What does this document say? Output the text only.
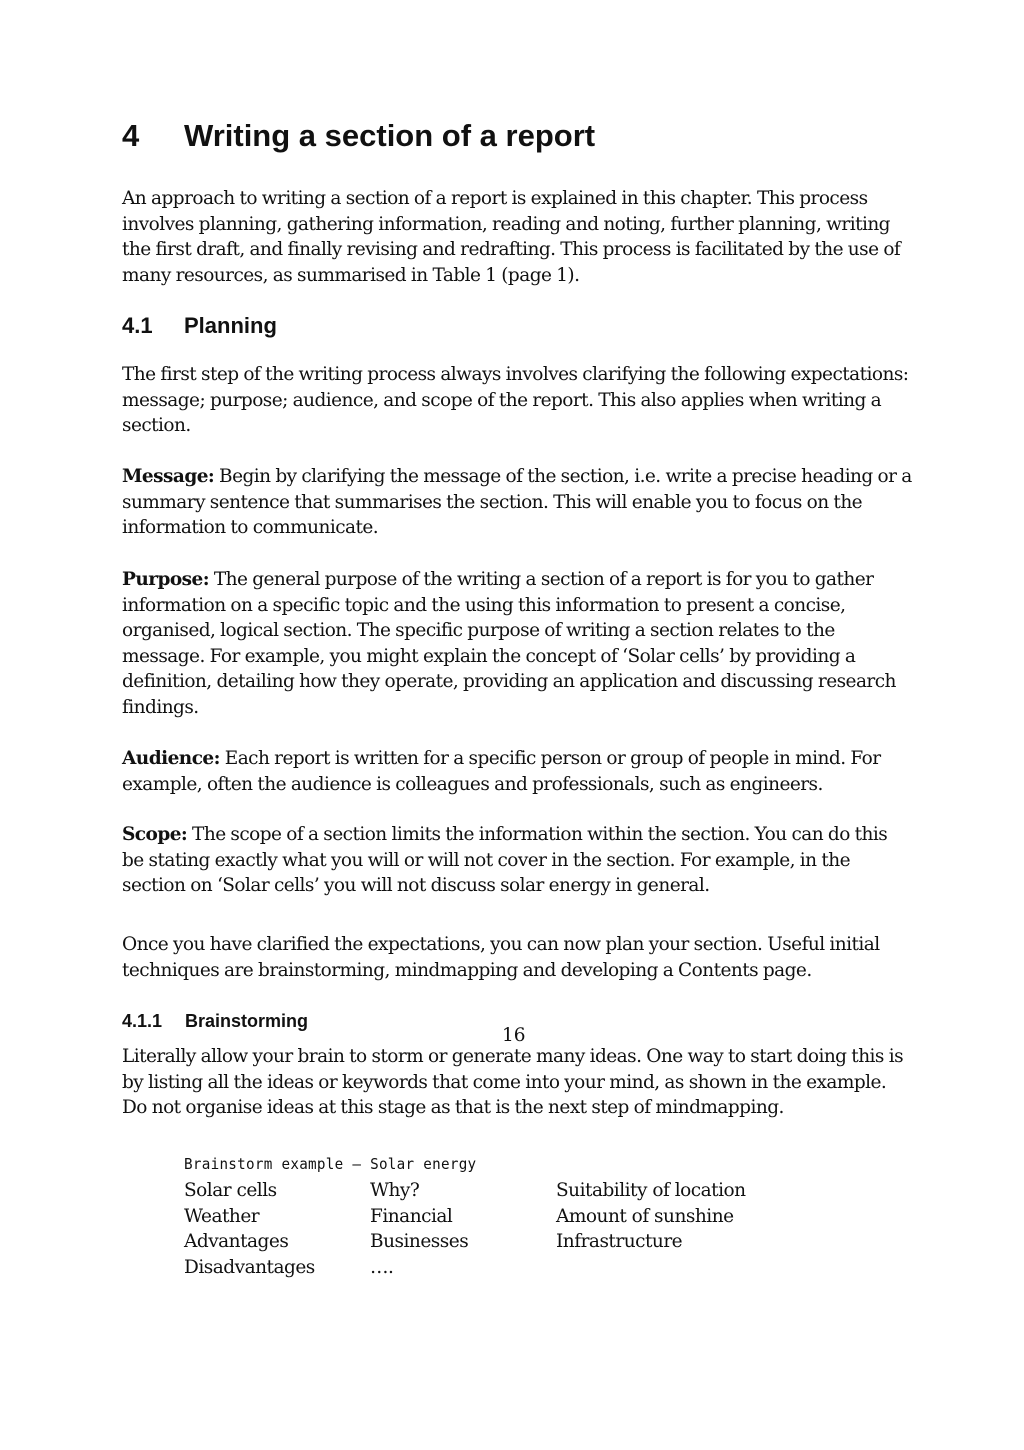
4 Writing a section of a report
An approach to writing a section of a report is explained in this chapter. This process involves planning, gathering information, reading and noting, further planning, writing the first draft, and finally revising and redrafting. This process is facilitated by the use of many resources, as summarised in Table 1 (page 1).
4.1 Planning
The first step of the writing process always involves clarifying the following expectations: message; purpose; audience, and scope of the report. This also applies when writing a section.
Message: Begin by clarifying the message of the section, i.e. write a precise heading or a summary sentence that summarises the section. This will enable you to focus on the information to communicate.
Purpose: The general purpose of the writing a section of a report is for you to gather information on a specific topic and the using this information to present a concise, organised, logical section. The specific purpose of writing a section relates to the message. For example, you might explain the concept of ‘Solar cells’ by providing a definition, detailing how they operate, providing an application and discussing research findings.
Audience: Each report is written for a specific person or group of people in mind. For example, often the audience is colleagues and professionals, such as engineers.
Scope: The scope of a section limits the information within the section. You can do this be stating exactly what you will or will not cover in the section. For example, in the section on ‘Solar cells’ you will not discuss solar energy in general.
Once you have clarified the expectations, you can now plan your section. Useful initial techniques are brainstorming, mindmapping and developing a Contents page.
4.1.1 Brainstorming
Literally allow your brain to storm or generate many ideas. One way to start doing this is by listing all the ideas or keywords that come into your mind, as shown in the example. Do not organise ideas at this stage as that is the next step of mindmapping.
Brainstorm example – Solar energy
Solar cells	Why?	Suitability of location
Weather	Financial	Amount of sunshine
Advantages	Businesses	Infrastructure
Disadvantages	….
16
